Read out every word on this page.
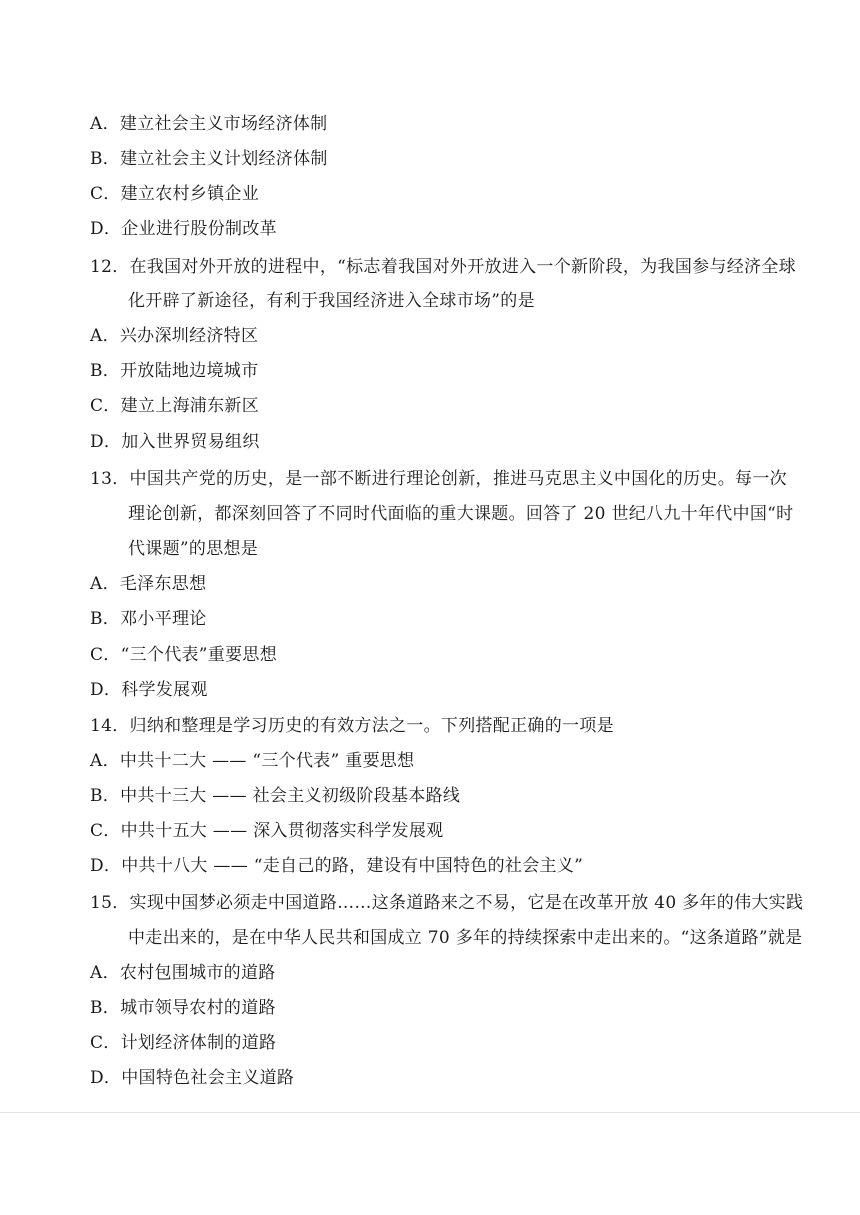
A．建立社会主义市场经济体制
B．建立社会主义计划经济体制
C．建立农村乡镇企业
D．企业进行股份制改革
12．在我国对外开放的进程中，“标志着我国对外开放进入一个新阶段，为我国参与经济全球
化开辟了新途径，有利于我国经济进入全球市场”的是
A．兴办深圳经济特区
B．开放陆地边境城市
C．建立上海浦东新区
D．加入世界贸易组织
13．中国共产党的历史，是一部不断进行理论创新，推进马克思主义中国化的历史。每一次
理论创新，都深刻回答了不同时代面临的重大课题。回答了 20 世纪八九十年代中国“时
代课题”的思想是
A．毛泽东思想
B．邓小平理论
C．“三个代表”重要思想
D．科学发展观
14．归纳和整理是学习历史的有效方法之一。下列搭配正确的一项是
A．中共十二大 —— “三个代表” 重要思想
B．中共十三大 —— 社会主义初级阶段基本路线
C．中共十五大 —— 深入贯彻落实科学发展观
D．中共十八大 —— “走自己的路，建设有中国特色的社会主义”
15．实现中国梦必须走中国道路……这条道路来之不易，它是在改革开放 40 多年的伟大实践
中走出来的，是在中华人民共和国成立 70 多年的持续探索中走出来的。“这条道路”就是
A．农村包围城市的道路
B．城市领导农村的道路
C．计划经济体制的道路
D．中国特色社会主义道路
